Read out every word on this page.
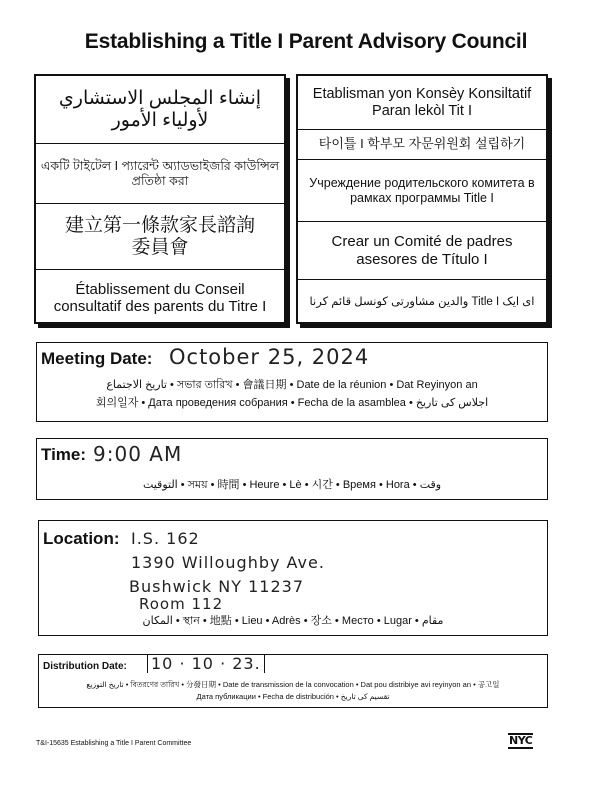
Establishing a Title I Parent Advisory Council
إنشاء المجلس الاستشاري لأولياء الأمور
একটি টাইটেল I প্যারেন্ট অ্যাডভাইজরি কাউন্সিল প্রতিষ্ঠা করা
建立第一條款家長諮詢委員會
Établissement du Conseil consultatif des parents du Titre I
Etablisman yon Konsèy Konsiltatif Paran lekòl Tit I
타이틀 I 학부모 자문위원회 설립하기
Учреждение родительского комитета в рамках программы Title I
Crear un Comité de padres asesores de Título I
ای ایک Title I والدین مشاورتی کونسل قائم کرنا
Meeting Date: October 25, 2024
تاريخ الاجتماع • সভার তারিখ • 會議日期 • Date de la réunion • Dat Reyinyon an
회의일자 • Дата проведения собрания • Fecha de la asamblea • اجلاس کی تاریخ
Time: 9:00 AM
التوقيت • সময় • 時間 • Heure • Lè • 시간 • Время • Hora • وقت
Location: I.S. 162
1390 Willoughby Ave.
Bushwick NY 11237
Room 112
المكان • স্থান • 地點 • Lieu • Adrès • 장소 • Место • Lugar • مقام
Distribution Date: 10 · 10 · 23.
تاريخ التوزيع • বিতরণের তারিখ • 分發日期 • Date de transmission de la convocation • Dat pou distribiye avi reyinyon an • 공고일
Дата публикации • Fecha de distribución • تقسیم کی تاریخ
T&I-15635 Establishing a Title I Parent Committee	NYC
